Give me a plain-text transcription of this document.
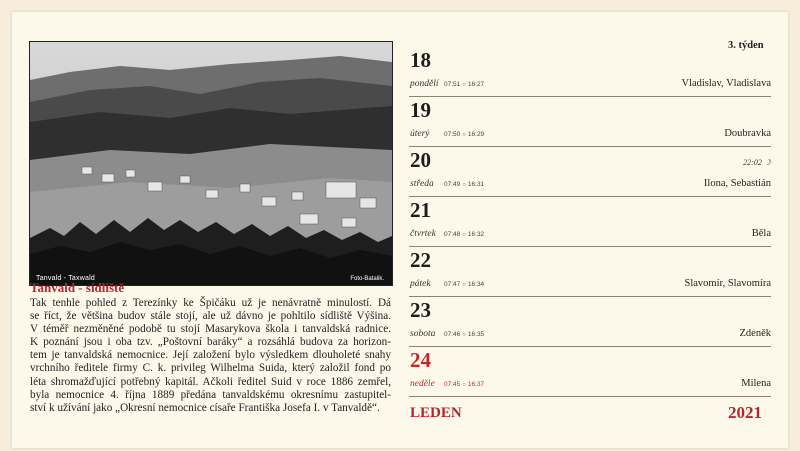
Tanvald - Taxwald	Foto-Batalik.
Tanvald - sídliště
Tak tenhle pohled z Terezínky ke Špičáku už je nenávratně minulostí. Dá
se říct, že většina budov stále stojí, ale už dávno je pohltilo sídliště Výšina.
V téměř nezměněné podobě tu stojí Masarykova škola i tanvaldská radnice.
K poznání jsou i oba tzv. „Poštovní baráky“ a rozsáhlá budova za horizon-
tem je tanvaldská nemocnice. Její založení bylo výsledkem dlouholeté snahy
vrchního ředitele firmy C. k. privileg Wilhelma Suida, který založil fond po
léta shromažďující potřebný kapitál. Ačkoli ředitel Suid v roce 1886 zemřel,
byla nemocnice 4. října 1889 předána tanvaldskému okresnímu zastupitel-
ství k užívání jako „Okresní nemocnice císaře Františka Josefa I. v Tanvaldě“.
3. týden
18
pondělí 07:51 ○ 16:27	Vladislav, Vladislava
19
úterý 07:50 ○ 16:29	Doubravka
22:02 ☽
20
středa 07:49 ○ 16:31	Ilona, Sebastián
21
čtvrtek 07:48 ○ 16:32	Běla
22
pátek 07:47 ○ 16:34	Slavomír, Slavomíra
23
sobota 07:46 ○ 16:35	Zdeněk
24
neděle 07:45 ○ 16:37	Milena
LEDEN	2021
